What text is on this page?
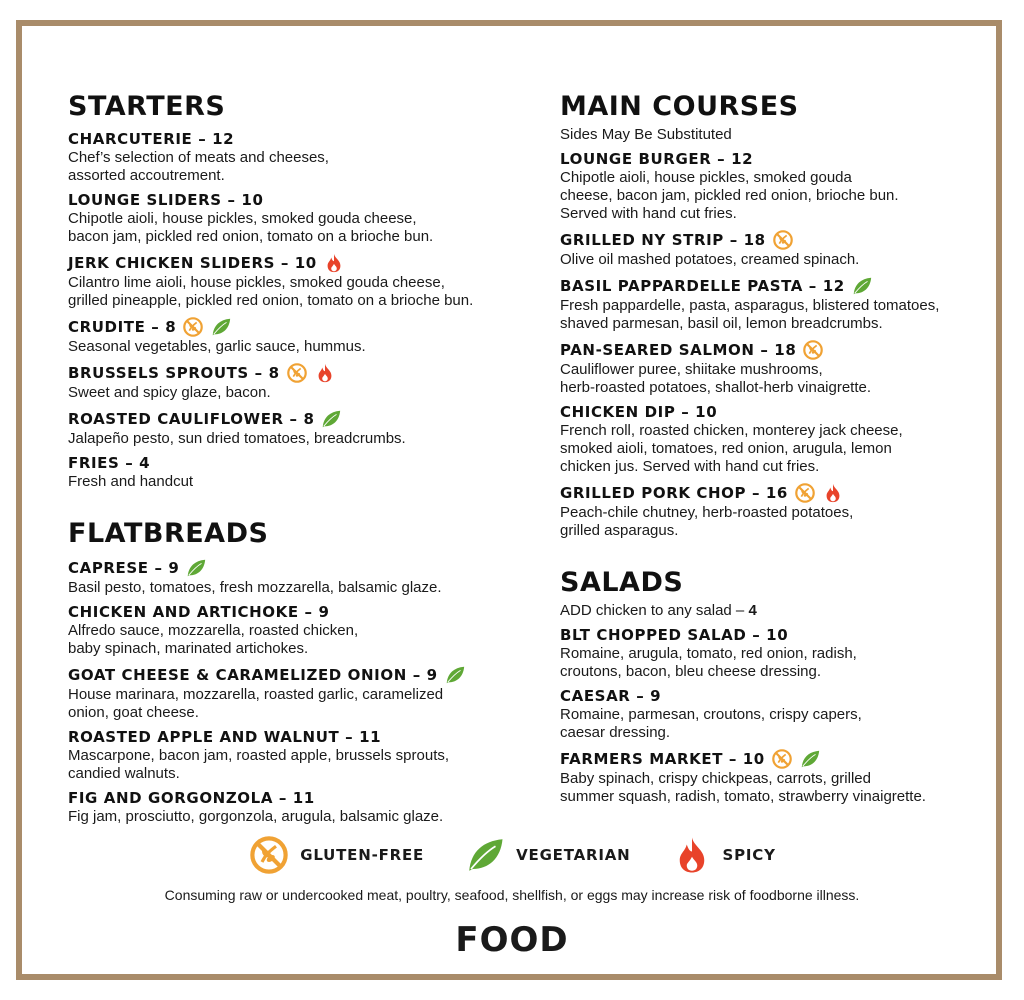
STARTERS
CHARCUTERIE – 12
Chef’s selection of meats and cheeses,
assorted accoutrement.
LOUNGE SLIDERS – 10
Chipotle aioli, house pickles, smoked gouda cheese,
bacon jam, pickled red onion, tomato on a brioche bun.
JERK CHICKEN SLIDERS – 10
Cilantro lime aioli, house pickles, smoked gouda cheese,
grilled pineapple, pickled red onion, tomato on a brioche bun.
CRUDITE – 8
Seasonal vegetables, garlic sauce, hummus.
BRUSSELS SPROUTS – 8
Sweet and spicy glaze, bacon.
ROASTED CAULIFLOWER – 8
Jalapeño pesto, sun dried tomatoes, breadcrumbs.
FRIES – 4
Fresh and handcut
FLATBREADS
CAPRESE – 9
Basil pesto, tomatoes, fresh mozzarella, balsamic glaze.
CHICKEN AND ARTICHOKE – 9
Alfredo sauce, mozzarella, roasted chicken,
baby spinach, marinated artichokes.
GOAT CHEESE & CARAMELIZED ONION – 9
House marinara, mozzarella, roasted garlic, caramelized
onion, goat cheese.
ROASTED APPLE AND WALNUT – 11
Mascarpone, bacon jam, roasted apple, brussels sprouts,
candied walnuts.
FIG AND GORGONZOLA – 11
Fig jam, prosciutto, gorgonzola, arugula, balsamic glaze.
MAIN COURSES
Sides May Be Substituted
LOUNGE BURGER – 12
Chipotle aioli, house pickles, smoked gouda
cheese, bacon jam, pickled red onion, brioche bun.
Served with hand cut fries.
GRILLED NY STRIP – 18
Olive oil mashed potatoes, creamed spinach.
BASIL PAPPARDELLE PASTA – 12
Fresh pappardelle, pasta, asparagus, blistered tomatoes,
shaved parmesan, basil oil, lemon breadcrumbs.
PAN-SEARED SALMON – 18
Cauliflower puree, shiitake mushrooms,
herb-roasted potatoes, shallot-herb vinaigrette.
CHICKEN DIP – 10
French roll, roasted chicken, monterey jack cheese,
smoked aioli, tomatoes, red onion, arugula, lemon
chicken jus. Served with hand cut fries.
GRILLED PORK CHOP – 16
Peach-chile chutney, herb-roasted potatoes,
grilled asparagus.
SALADS
ADD chicken to any salad – 4
BLT CHOPPED SALAD – 10
Romaine, arugula, tomato, red onion, radish,
croutons, bacon, bleu cheese dressing.
CAESAR – 9
Romaine, parmesan, croutons, crispy capers,
caesar dressing.
FARMERS MARKET – 10
Baby spinach, crispy chickpeas, carrots, grilled
summer squash, radish, tomato, strawberry vinaigrette.
GLUTEN-FREE	VEGETARIAN	SPICY
Consuming raw or undercooked meat, poultry, seafood, shellfish, or eggs may increase risk of foodborne illness.
FOOD
